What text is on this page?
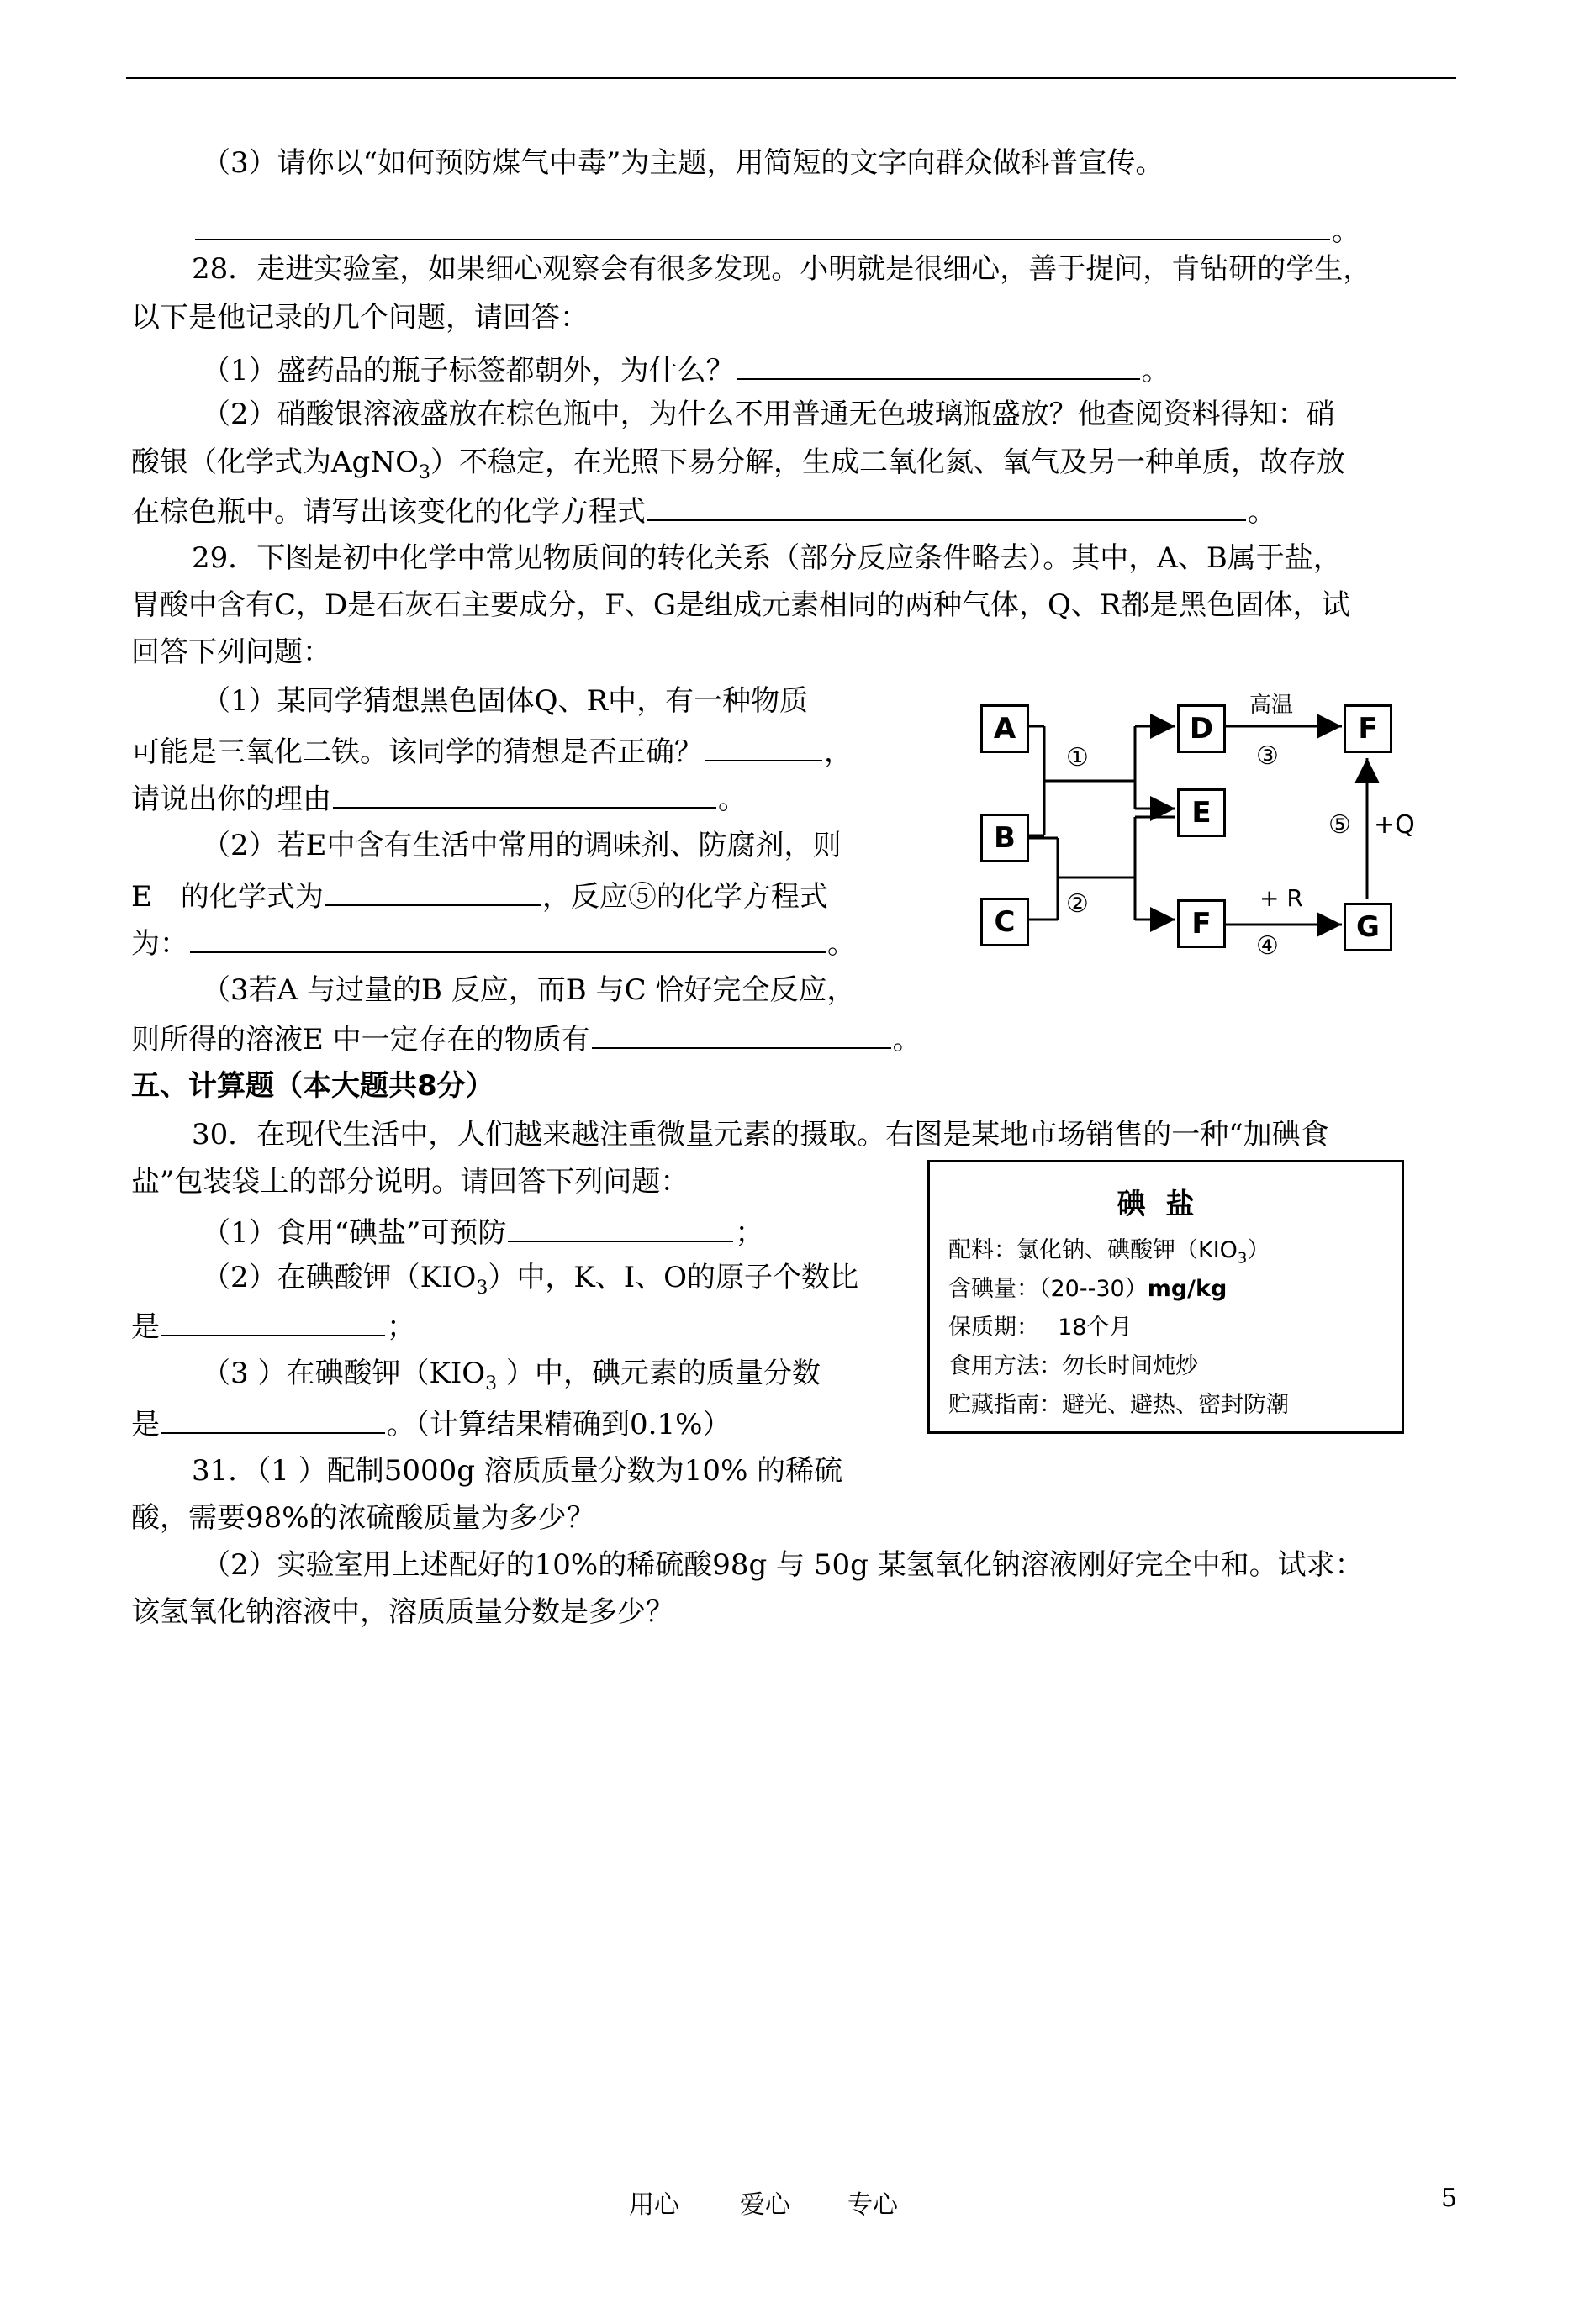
（3）请你以“如何预防煤气中毒”为主题，用简短的文字向群众做科普宣传。
。
28．走进实验室，如果细心观察会有很多发现。小明就是很细心，善于提问，肯钻研的学生，
以下是他记录的几个问题，请回答：
（1）盛药品的瓶子标签都朝外，为什么？	。
（2）硝酸银溶液盛放在棕色瓶中，为什么不用普通无色玻璃瓶盛放？他查阅资料得知：硝
酸银（化学式为AgNO$_3$）不稳定，在光照下易分解，生成二氧化氮、氧气及另一种单质，故存放
在棕色瓶中。请写出该变化的化学方程式	。
29．下图是初中化学中常见物质间的转化关系（部分反应条件略去）。其中，A、B属于盐，
胃酸中含有C，D是石灰石主要成分，F、G是组成元素相同的两种气体，Q、R都是黑色固体，试
回答下列问题：
（1）某同学猜想黑色固体Q、R中，有一种物质
可能是三氧化二铁。该同学的猜想是否正确？	，
请说出你的理由	。
（2）若E中含有生活中常用的调味剂、防腐剂，则
E　的化学式为	，反应⑤的化学方程式
为：	。
（3若A 与过量的B 反应，而B 与C 恰好完全反应，
则所得的溶液E 中一定存在的物质有	。
五、计算题（本大题共8分）
30．在现代生活中，人们越来越注重微量元素的摄取。右图是某地市场销售的一种“加碘食
盐”包装袋上的部分说明。请回答下列问题：
（1）食用“碘盐”可预防	；
（2）在碘酸钾$(KIO_3)$中，K、I、O的原子个数比
是	；
（3 ）在碘酸钾（$KIO_3$ ）中，碘元素的质量分数
是	。（计算结果精确到0.1%）
31．（1 ）配制5000g 溶质质量分数为10% 的稀硫
酸，需要98%的浓硫酸质量为多少？
（2）实验室用上述配好的10%的稀硫酸98g 与 50g 某氢氧化钠溶液刚好完全中和。试求：
该氢氧化钠溶液中，溶质质量分数是多少？
A
B
C
D
E
F
F	G
①
②
高温
③
+ R
④
⑤ +Q
碘盐
配料：氯化钠、碘酸钾$(KIO_3)$
含碘量：（20--30）mg/kg
保质期：　 18个月
食用方法：勿长时间炖炒
贮藏指南：避光、避热、密封防潮
用心 爱心 专心	5
